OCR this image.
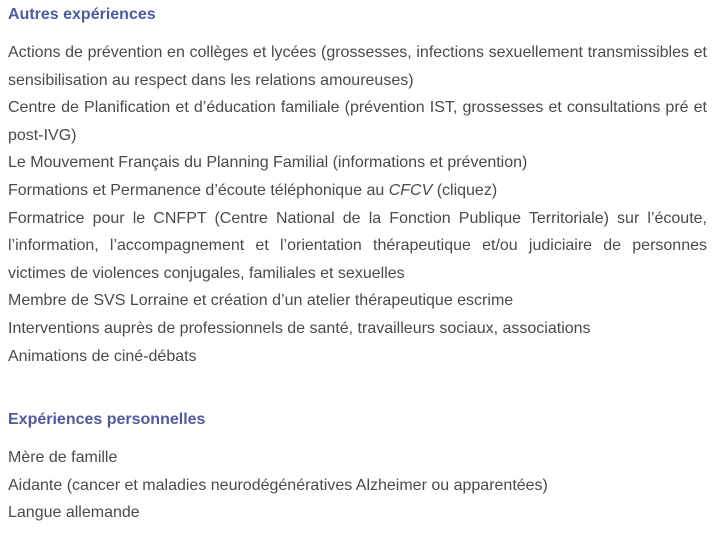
Autres expériences
Actions de prévention en collèges et lycées (grossesses, infections sexuellement transmissibles et sensibilisation au respect dans les relations amoureuses)
Centre de Planification et d’éducation familiale (prévention IST, grossesses et consultations pré et post-IVG)
Le Mouvement Français du Planning Familial (informations et prévention)
Formations et Permanence d’écoute téléphonique au CFCV (cliquez)
Formatrice pour le CNFPT (Centre National de la Fonction Publique Territoriale) sur l’écoute, l’information, l’accompagnement et l’orientation thérapeutique et/ou judiciaire de personnes victimes de violences conjugales, familiales et sexuelles
Membre de SVS Lorraine et création d’un atelier thérapeutique escrime
Interventions auprès de professionnels de santé, travailleurs sociaux, associations
Animations de ciné-débats
Expériences personnelles
Mère de famille
Aidante (cancer et maladies neurodégénératives Alzheimer ou apparentées)
Langue allemande
